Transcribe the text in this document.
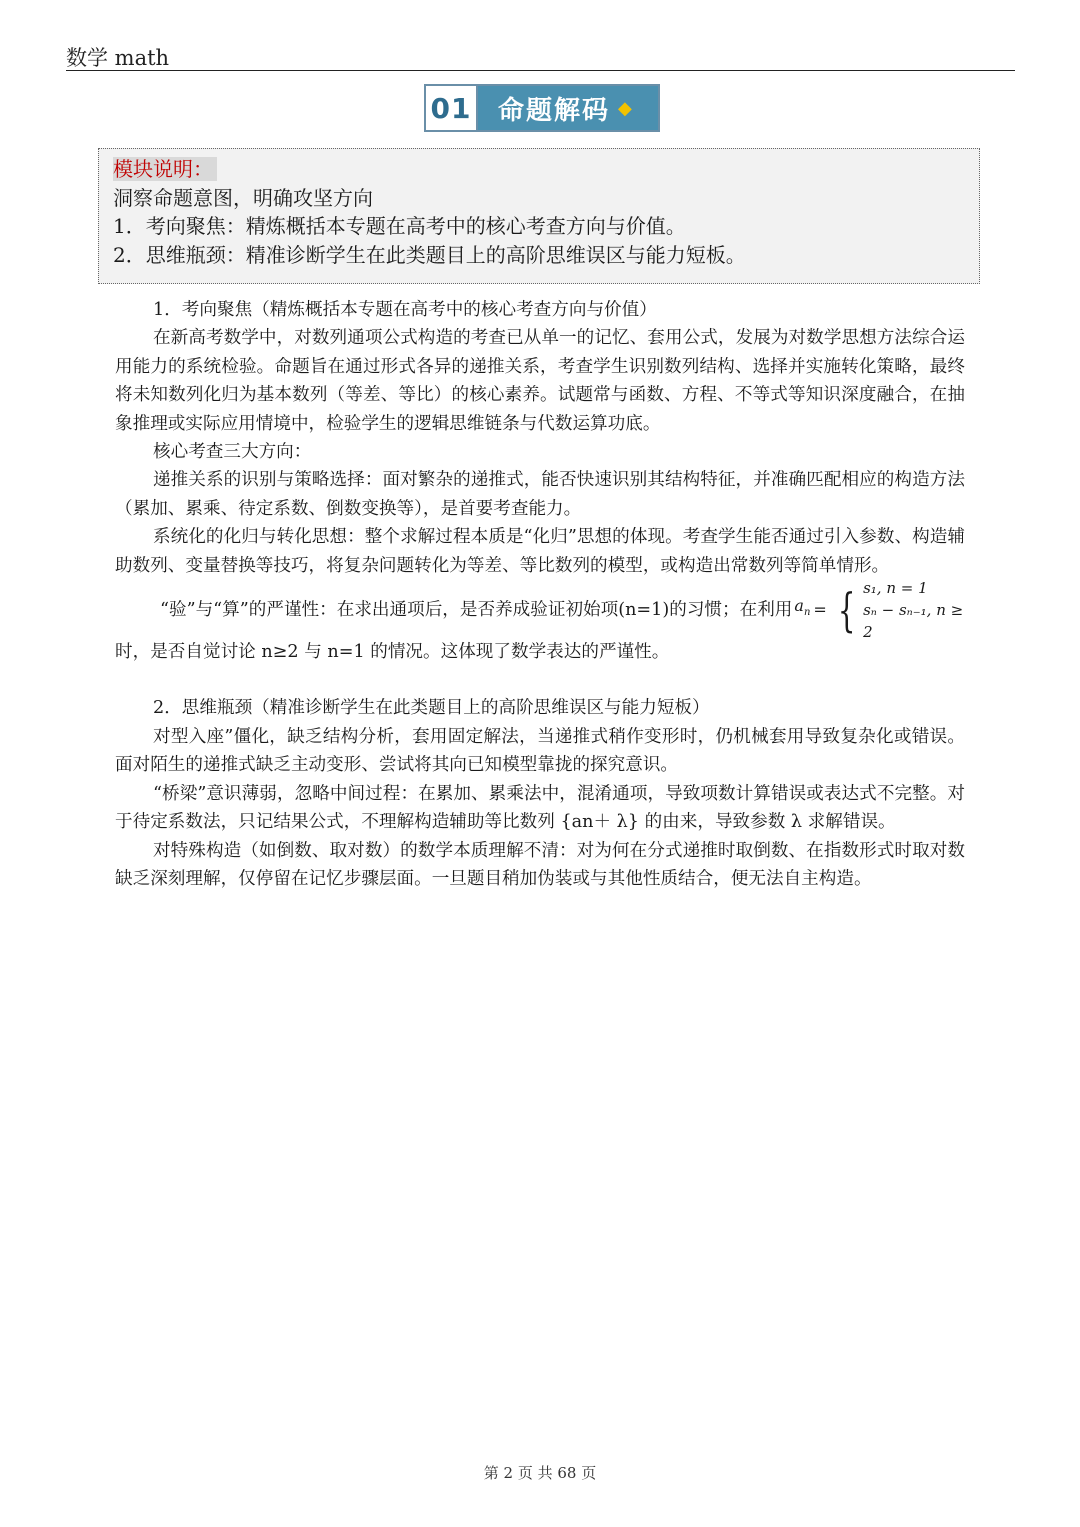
数学 math
01 命题解码 ◆
模块说明：
洞察命题意图，明确攻坚方向
1．考向聚焦：精炼概括本专题在高考中的核心考查方向与价值。
2．思维瓶颈：精准诊断学生在此类题目上的高阶思维误区与能力短板。

1．考向聚焦（精炼概括本专题在高考中的核心考查方向与价值）

在新高考数学中，对数列通项公式构造的考查已从单一的记忆、套用公式，发展为对数学思想方法综合运用能力的系统检验。命题旨在通过形式各异的递推关系，考查学生识别数列结构、选择并实施转化策略，最终将未知数列化归为基本数列（等差、等比）的核心素养。试题常与函数、方程、不等式等知识深度融合，在抽象推理或实际应用情境中，检验学生的逻辑思维链条与代数运算功底。

核心考查三大方向：

递推关系的识别与策略选择：面对繁杂的递推式，能否快速识别其结构特征，并准确匹配相应的构造方法（累加、累乘、待定系数、倒数变换等），是首要考查能力。

系统化的化归与转化思想：整个求解过程本质是“化归”思想的体现。考查学生能否通过引入参数、构造辅助数列、变量替换等技巧，将复杂问题转化为等差、等比数列的模型，或构造出常数列等简单情形。

“验”与“算”的严谨性：在求出通项后，是否养成验证初始项(n=1)的习惯；在利用 $a_n$ = { s₁, n = 1
sₙ − sₙ₋₁, n ≥ 2

时，是否自觉讨论 n≥2 与 n=1 的情况。这体现了数学表达的严谨性。

2．思维瓶颈（精准诊断学生在此类题目上的高阶思维误区与能力短板）

对型入座”僵化，缺乏结构分析，套用固定解法，当递推式稍作变形时，仍机械套用导致复杂化或错误。面对陌生的递推式缺乏主动变形、尝试将其向已知模型靠拢的探究意识。

“桥梁”意识薄弱，忽略中间过程：在累加、累乘法中，混淆通项，导致项数计算错误或表达式不完整。对于待定系数法，只记结果公式，不理解构造辅助等比数列 {an＋ λ} 的由来，导致参数 λ 求解错误。

对特殊构造（如倒数、取对数）的数学本质理解不清：对为何在分式递推时取倒数、在指数形式时取对数缺乏深刻理解，仅停留在记忆步骤层面。一旦题目稍加伪装或与其他性质结合，便无法自主构造。

第 2 页 共 68 页
